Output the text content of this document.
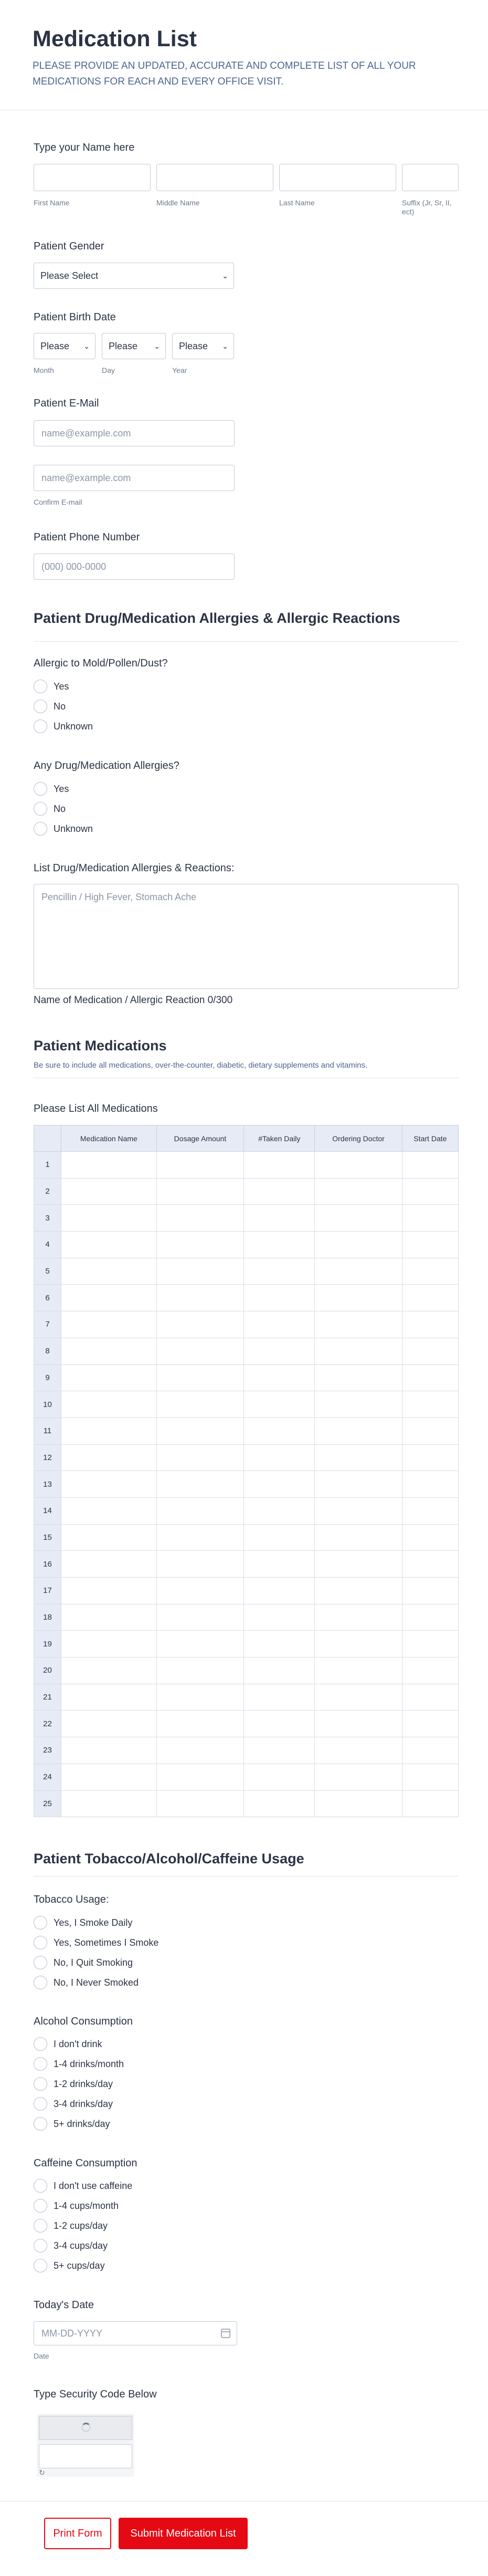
Medication List
PLEASE PROVIDE AN UPDATED, ACCURATE AND COMPLETE LIST OF ALL YOUR MEDICATIONS FOR EACH AND EVERY OFFICE VISIT.
Type your Name here
First Name	Middle Name	Last Name	Suffix (Jr, Sr, II, ect)
Patient Gender
Please Select	⌄
Patient Birth Date
Please ⌄	Please ⌄	Please ⌄
Month	Day	Year
Patient E-Mail
name@example.com
name@example.com
Confirm E-mail
Patient Phone Number
(000) 000-0000
Patient Drug/Medication Allergies & Allergic Reactions
Allergic to Mold/Pollen/Dust?
Yes
No
Unknown
Any Drug/Medication Allergies?
Yes
No
Unknown
List Drug/Medication Allergies & Reactions:
Pencillin / High Fever, Stomach Ache
Name of Medication / Allergic Reaction 0/300
Patient Medications
Be sure to include all medications, over-the-counter, diabetic, dietary supplements and vitamins.
Please List All Medications
	Medication Name	Dosage Amount	#Taken Daily	Ordering Doctor	Start Date
1					
2					
3					
4					
5					
6					
7					
8					
9					
10					
11					
12					
13					
14					
15					
16					
17					
18					
19					
20					
21					
22					
23					
24					
25					
Patient Tobacco/Alcohol/Caffeine Usage
Tobacco Usage:
Yes, I Smoke Daily
Yes, Sometimes I Smoke
No, I Quit Smoking
No, I Never Smoked
Alcohol Consumption
I don't drink
1-4 drinks/month
1-2 drinks/day
3-4 drinks/day
5+ drinks/day
Caffeine Consumption
I don't use caffeine
1-4 cups/month
1-2 cups/day
3-4 cups/day
5+ cups/day
Today's Date
MM-DD-YYYY
Date
Type Security Code Below
↻
Print Form	Submit Medication List
